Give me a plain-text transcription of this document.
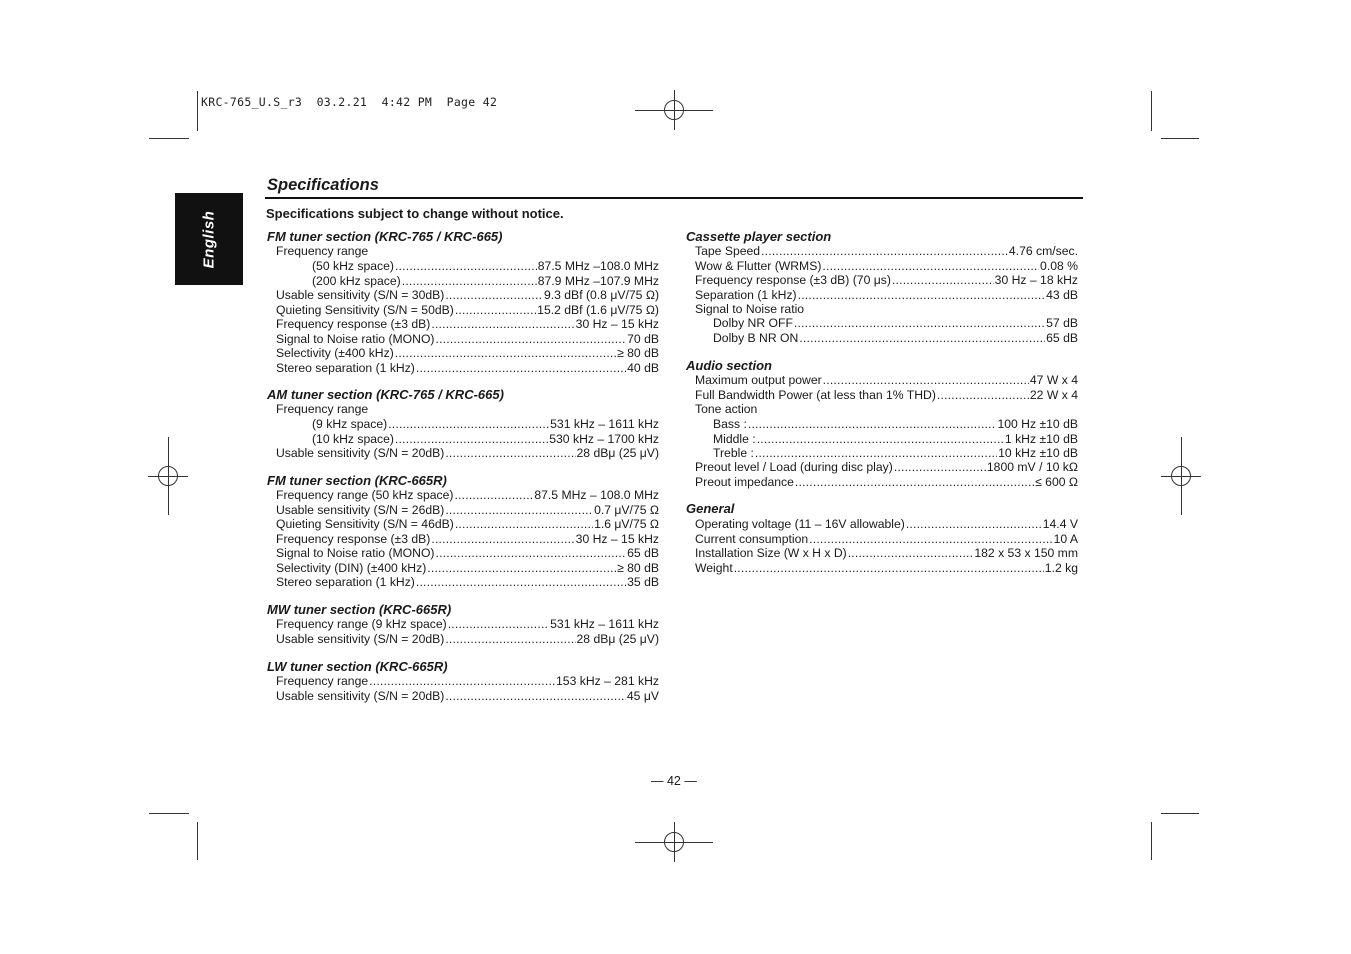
KRC-765_U.S_r3  03.2.21  4:42 PM  Page 42
English
Specifications
Specifications subject to change without notice.
FM tuner section (KRC-765 / KRC-665)
Frequency range
(50 kHz space) .....	87.5 MHz –108.0 MHz
(200 kHz space) .....	87.9 MHz –107.9 MHz
Usable sensitivity (S/N = 30dB) .....	9.3 dBf (0.8 μV/75 Ω)
Quieting Sensitivity (S/N = 50dB) .....	15.2 dBf (1.6 μV/75 Ω)
Frequency response (±3 dB) .....	30 Hz – 15 kHz
Signal to Noise ratio (MONO) .....	70 dB
Selectivity (±400 kHz) .....	≥ 80 dB
Stereo separation (1 kHz) .....	40 dB
AM tuner section (KRC-765 / KRC-665)
Frequency range
(9 kHz space) .....	531 kHz – 1611 kHz
(10 kHz space) .....	530 kHz – 1700 kHz
Usable sensitivity (S/N = 20dB) .....	28 dBμ (25 μV)
FM tuner section (KRC-665R)
Frequency range (50 kHz space) .....	87.5 MHz – 108.0 MHz
Usable sensitivity (S/N = 26dB) .....	0.7 μV/75 Ω
Quieting Sensitivity (S/N = 46dB) .....	1.6 μV/75 Ω
Frequency response (±3 dB) .....	30 Hz – 15 kHz
Signal to Noise ratio (MONO) .....	65 dB
Selectivity (DIN) (±400 kHz) .....	≥ 80 dB
Stereo separation (1 kHz) .....	35 dB
MW tuner section (KRC-665R)
Frequency range (9 kHz space) .....	531 kHz – 1611 kHz
Usable sensitivity (S/N = 20dB) .....	28 dBμ (25 μV)
LW tuner section (KRC-665R)
Frequency range .....	153 kHz – 281 kHz
Usable sensitivity (S/N = 20dB) .....	45 μV
Cassette player section
Tape Speed .....	4.76 cm/sec.
Wow & Flutter (WRMS) .....	0.08 %
Frequency response (±3 dB) (70 μs) .....	30 Hz – 18 kHz
Separation (1 kHz) .....	43 dB
Signal to Noise ratio
Dolby NR OFF .....	57 dB
Dolby B NR ON .....	65 dB
Audio section
Maximum output power .....	47 W x 4
Full Bandwidth Power (at less than 1% THD) .....	22 W x 4
Tone action
Bass : .....	100 Hz ±10 dB
Middle : .....	1 kHz ±10 dB
Treble : .....	10 kHz ±10 dB
Preout level / Load (during disc play) .....	1800 mV / 10 kΩ
Preout impedance .....	≤ 600 Ω
General
Operating voltage (11 – 16V allowable) .....	14.4 V
Current consumption .....	10 A
Installation Size (W x H x D) .....	182 x 53 x 150 mm
Weight .....	1.2 kg
— 42 —
